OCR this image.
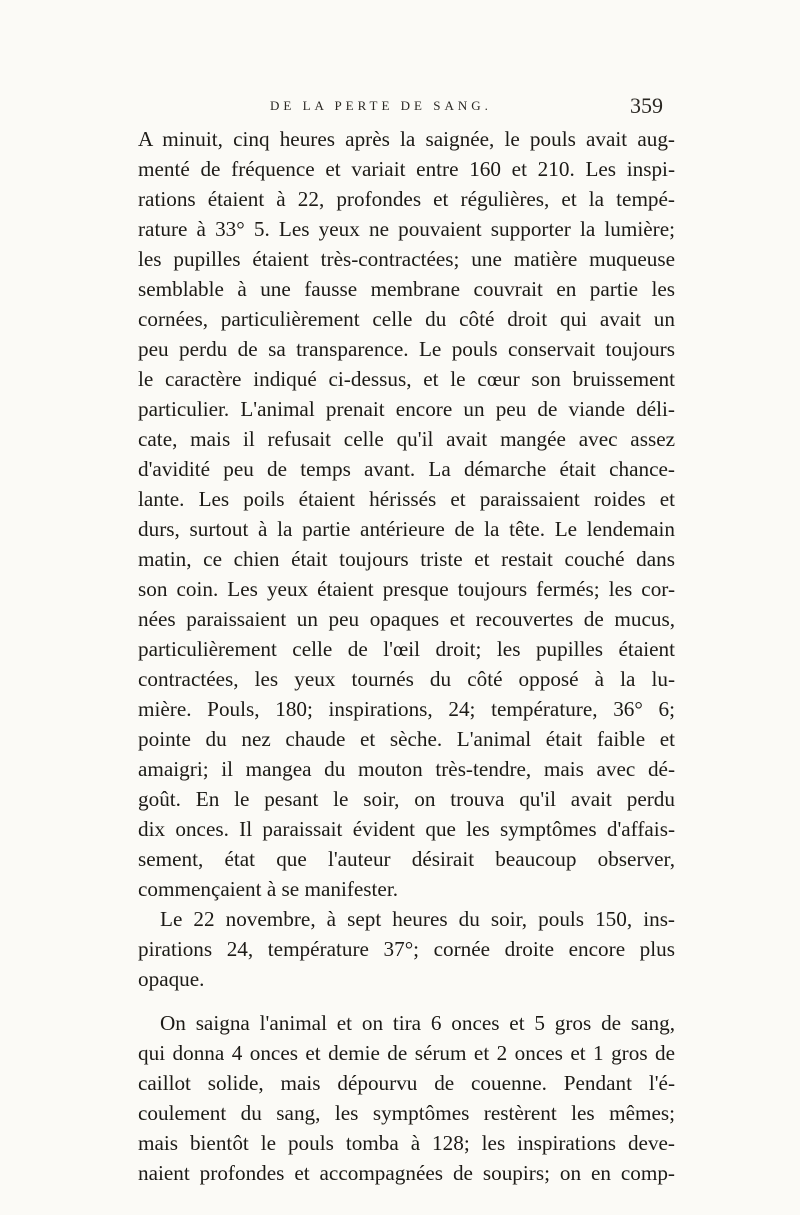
DE LA PERTE DE SANG.	359
A minuit, cinq heures après la saignée, le pouls avait aug-
menté de fréquence et variait entre 160 et 210. Les inspi-
rations étaient à 22, profondes et régulières, et la tempé-
rature à 33° 5. Les yeux ne pouvaient supporter la lumière;
les pupilles étaient très-contractées; une matière muqueuse
semblable à une fausse membrane couvrait en partie les
cornées, particulièrement celle du côté droit qui avait un
peu perdu de sa transparence. Le pouls conservait toujours
le caractère indiqué ci-dessus, et le cœur son bruissement
particulier. L'animal prenait encore un peu de viande déli-
cate, mais il refusait celle qu'il avait mangée avec assez
d'avidité peu de temps avant. La démarche était chance-
lante. Les poils étaient hérissés et paraissaient roides et
durs, surtout à la partie antérieure de la tête. Le lendemain
matin, ce chien était toujours triste et restait couché dans
son coin. Les yeux étaient presque toujours fermés; les cor-
nées paraissaient un peu opaques et recouvertes de mucus,
particulièrement celle de l'œil droit; les pupilles étaient
contractées, les yeux tournés du côté opposé à la lu-
mière. Pouls, 180; inspirations, 24; température, 36° 6;
pointe du nez chaude et sèche. L'animal était faible et
amaigri; il mangea du mouton très-tendre, mais avec dé-
goût. En le pesant le soir, on trouva qu'il avait perdu
dix onces. Il paraissait évident que les symptômes d'affais-
sement, état que l'auteur désirait beaucoup observer,
commençaient à se manifester.
Le 22 novembre, à sept heures du soir, pouls 150, ins-
pirations 24, température 37°; cornée droite encore plus
opaque.
On saigna l'animal et on tira 6 onces et 5 gros de sang,
qui donna 4 onces et demie de sérum et 2 onces et 1 gros de
caillot solide, mais dépourvu de couenne. Pendant l'é-
coulement du sang, les symptômes restèrent les mêmes;
mais bientôt le pouls tomba à 128; les inspirations deve-
naient profondes et accompagnées de soupirs; on en comp-
